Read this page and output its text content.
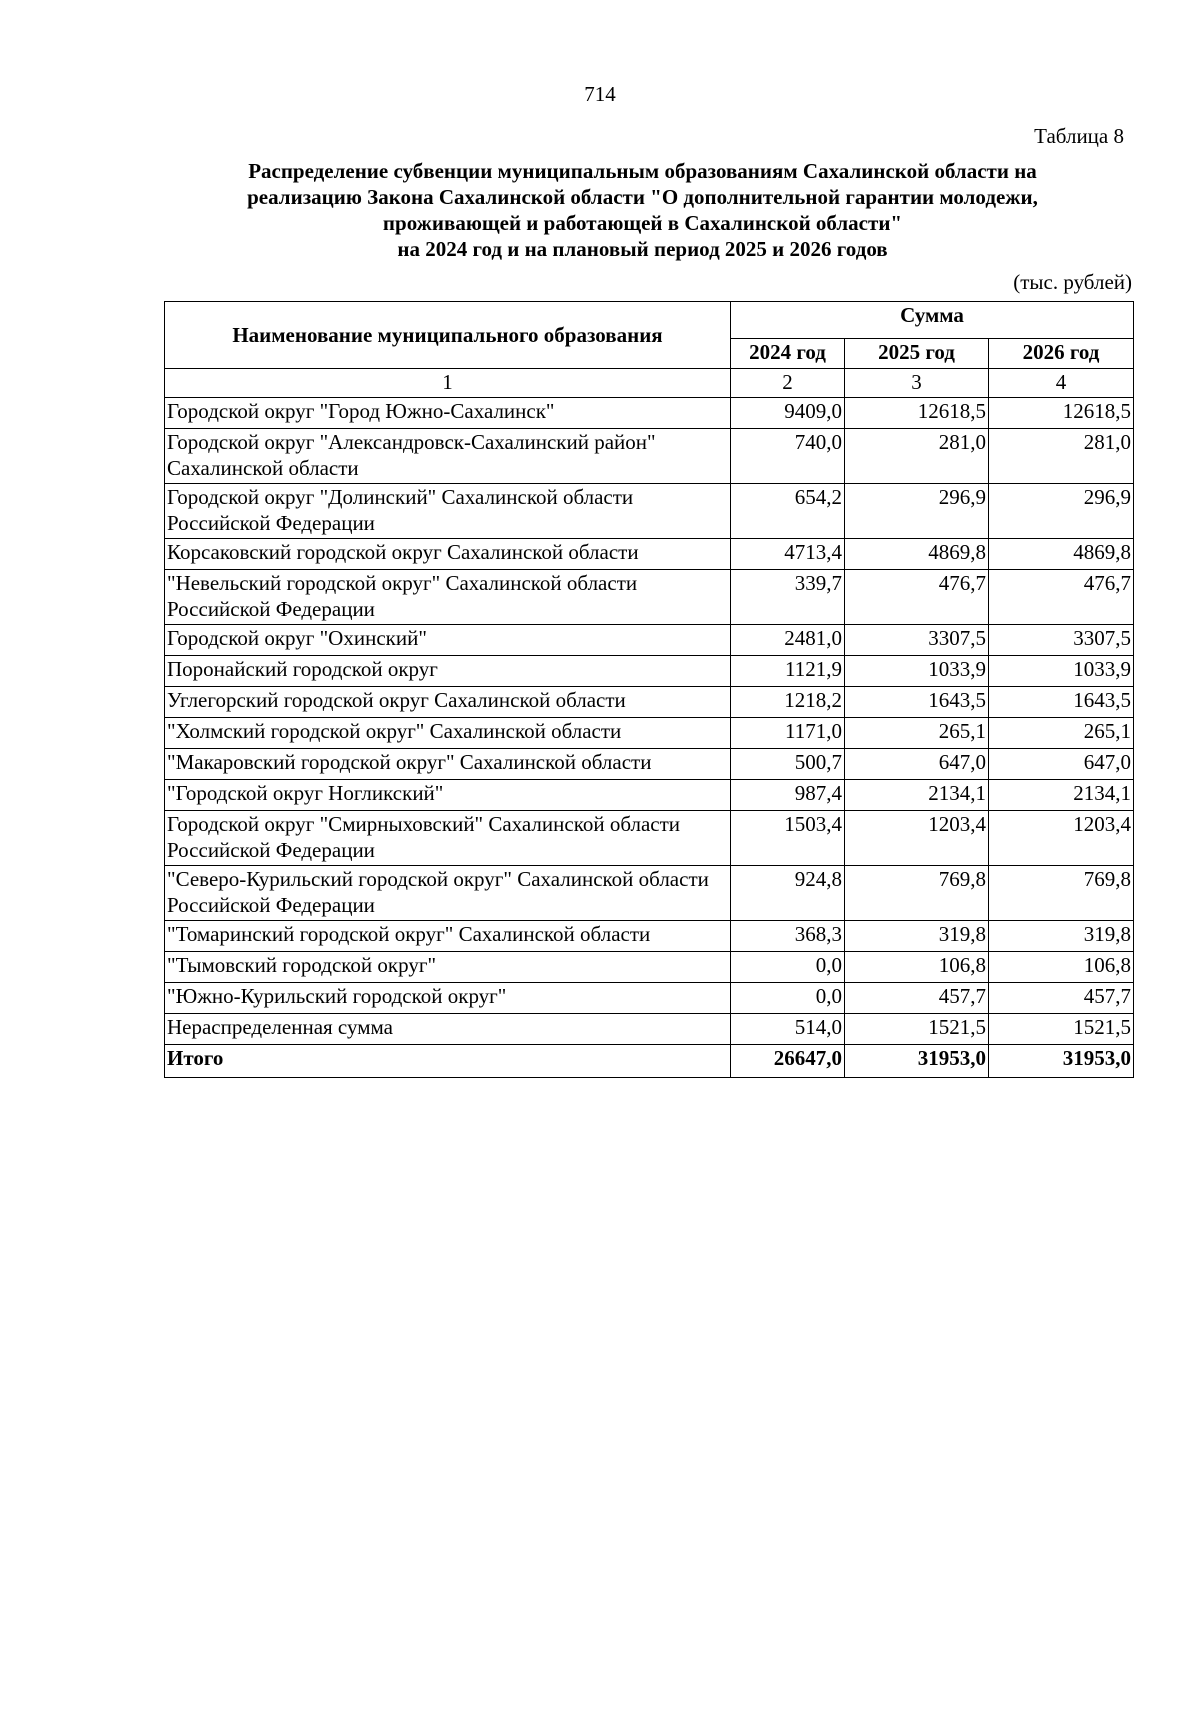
714
Таблица 8
Распределение субвенции муниципальным образованиям Сахалинской области на
реализацию Закона Сахалинской области "О дополнительной гарантии молодежи,
проживающей и работающей в Сахалинской области"
на 2024 год и на плановый период 2025 и 2026 годов
(тыс. рублей)
Наименование муниципального образования	Сумма		
	2024 год	2025 год	2026 год
1	2	3	4
Городской округ "Город Южно-Сахалинск"	9409,0	12618,5	12618,5
Городской округ "Александровск-Сахалинский район" Сахалинской области	740,0	281,0	281,0
Городской округ "Долинский" Сахалинской области Российской Федерации	654,2	296,9	296,9
Корсаковский городской округ Сахалинской области	4713,4	4869,8	4869,8
"Невельский городской округ" Сахалинской области Российской Федерации	339,7	476,7	476,7
Городской округ "Охинский"	2481,0	3307,5	3307,5
Поронайский городской округ	1121,9	1033,9	1033,9
Углегорский городской округ Сахалинской области	1218,2	1643,5	1643,5
"Холмский городской округ" Сахалинской области	1171,0	265,1	265,1
"Макаровский городской округ" Сахалинской области	500,7	647,0	647,0
"Городской округ Ногликский"	987,4	2134,1	2134,1
Городской округ "Смирныховский" Сахалинской области Российской Федерации	1503,4	1203,4	1203,4
"Северо-Курильский городской округ" Сахалинской области Российской Федерации	924,8	769,8	769,8
"Томаринский городской округ" Сахалинской области	368,3	319,8	319,8
"Тымовский городской округ"	0,0	106,8	106,8
"Южно-Курильский городской округ"	0,0	457,7	457,7
Нераспределенная сумма	514,0	1521,5	1521,5
Итого	26647,0	31953,0	31953,0
